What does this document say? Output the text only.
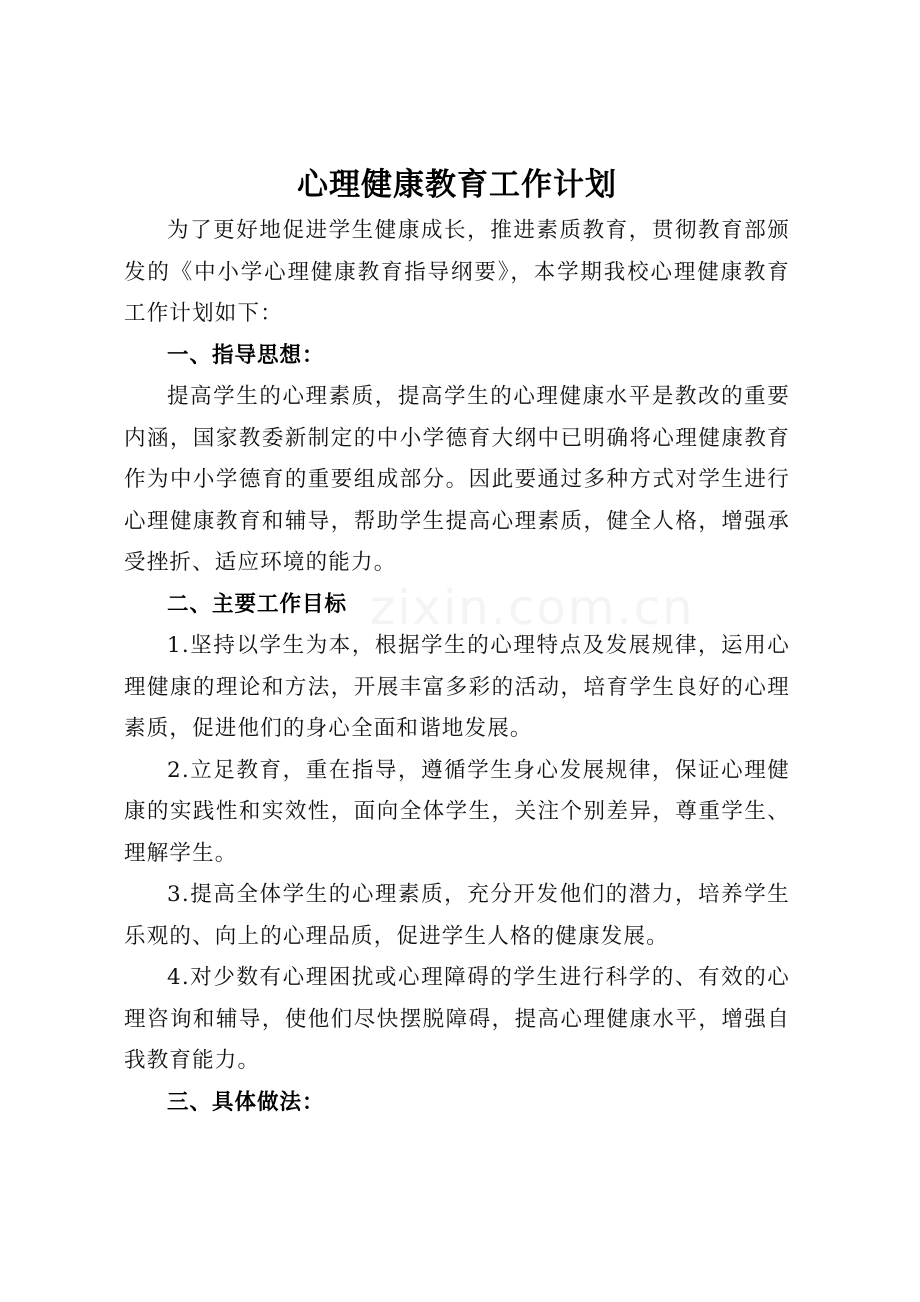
zixin.com.cn
心理健康教育工作计划

为了更好地促进学生健康成长，推进素质教育，贯彻教育部颁发的《中小学心理健康教育指导纲要》，本学期我校心理健康教育工作计划如下：

一、指导思想：

提高学生的心理素质，提高学生的心理健康水平是教改的重要内涵，国家教委新制定的中小学德育大纲中已明确将心理健康教育作为中小学德育的重要组成部分。因此要通过多种方式对学生进行心理健康教育和辅导，帮助学生提高心理素质，健全人格，增强承受挫折、适应环境的能力。

二、主要工作目标

1.坚持以学生为本，根据学生的心理特点及发展规律，运用心理健康的理论和方法，开展丰富多彩的活动，培育学生良好的心理素质，促进他们的身心全面和谐地发展。

2.立足教育，重在指导，遵循学生身心发展规律，保证心理健康的实践性和实效性，面向全体学生，关注个别差异，尊重学生、理解学生。

3.提高全体学生的心理素质，充分开发他们的潜力，培养学生乐观的、向上的心理品质，促进学生人格的健康发展。

4.对少数有心理困扰或心理障碍的学生进行科学的、有效的心理咨询和辅导，使他们尽快摆脱障碍，提高心理健康水平，增强自我教育能力。

三、具体做法：
